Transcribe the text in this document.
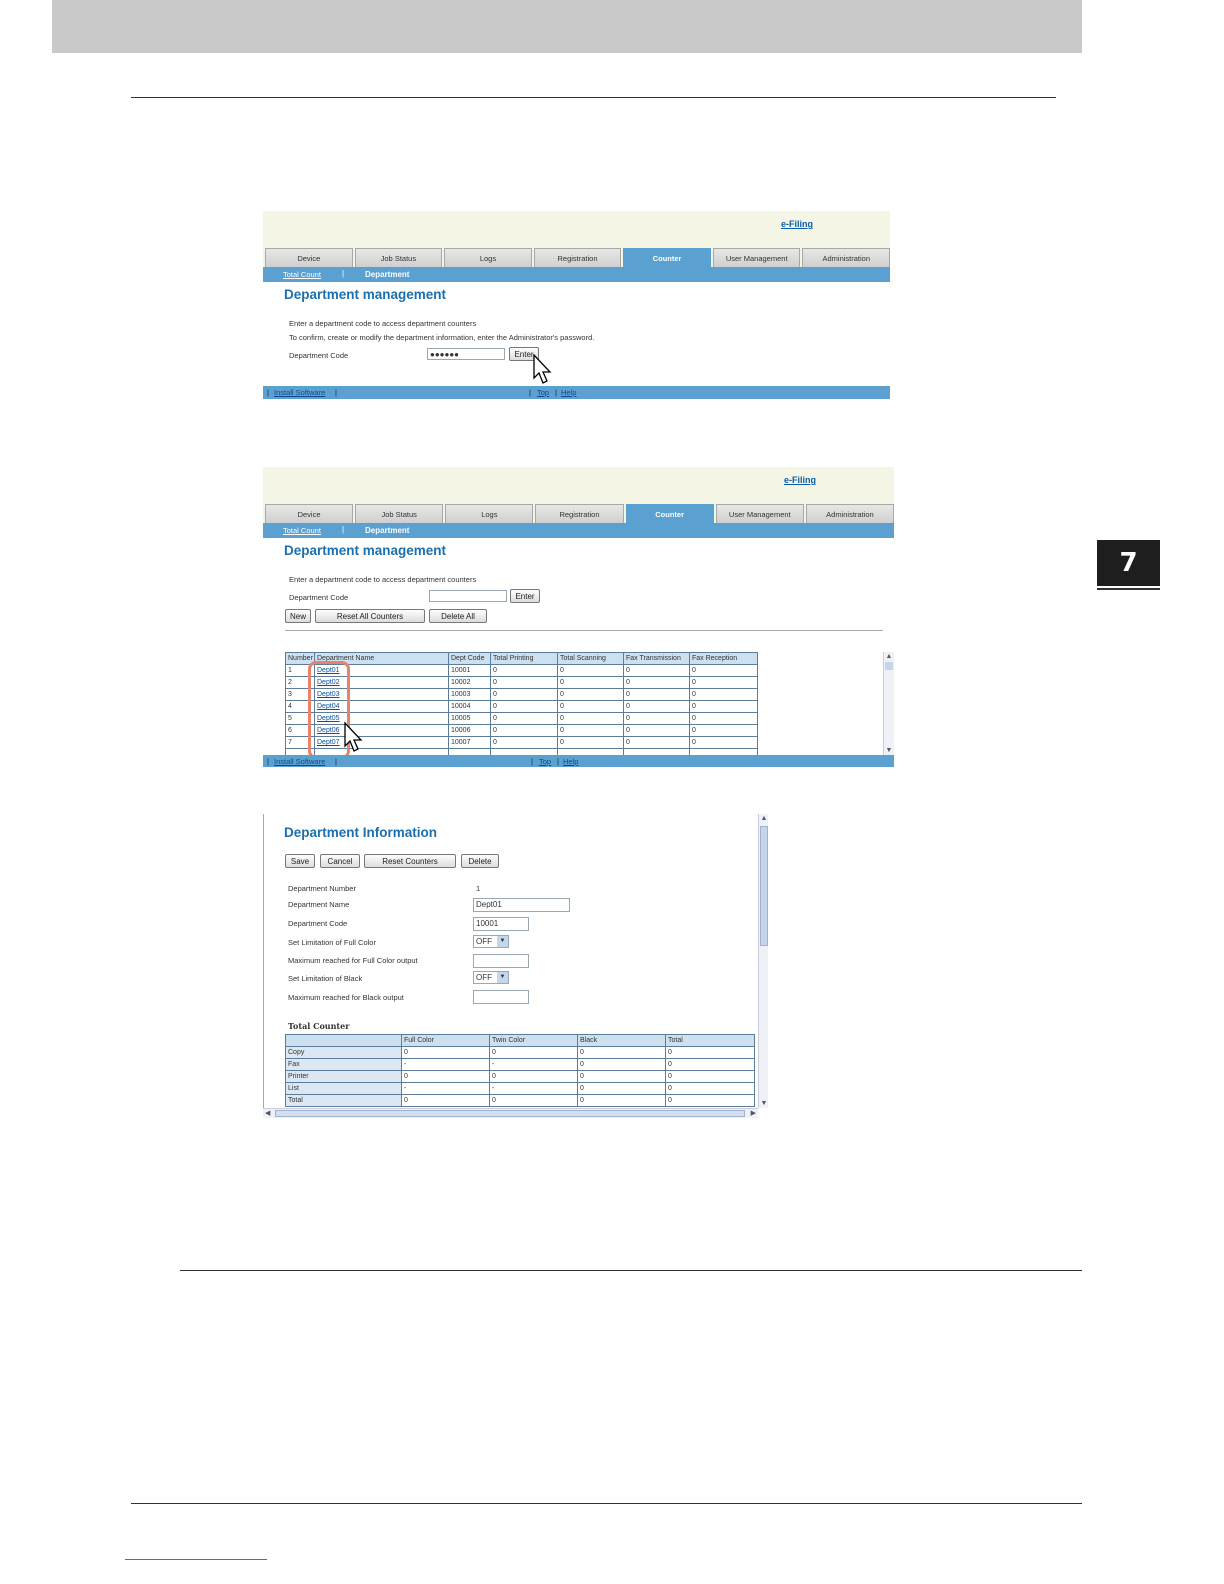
7
e-Filing
Device	Job Status	Logs	Registration	Counter	User Management	Administration
Total Count	|	Department
Department management
Enter a department code to access department counters
To confirm, create or modify the department information, enter the Administrator's password.
Department Code	●●●●●●	Enter
| Install Software |	| Top | Help
e-Filing
Device	Job Status	Logs	Registration	Counter	User Management	Administration
Total Count	|	Department
Department management
Enter a department code to access department counters
Department Code	Enter
New	Reset All Counters	Delete All
Number	Department Name	Dept Code	Total Printing	Total Scanning	Fax Transmission	Fax Reception
1	Dept01	10001	0	0	0	0
2	Dept02	10002	0	0	0	0
3	Dept03	10003	0	0	0	0
4	Dept04	10004	0	0	0	0
5	Dept05	10005	0	0	0	0
6	Dept06	10006	0	0	0	0
7	Dept07	10007	0	0	0	0

▲
▼
| Install Software |	| Top | Help
Department Information
Save	Cancel	Reset Counters	Delete
Department Number	1
Department Name	Dept01
Department Code	10001
Set Limitation of Full Color	OFF	▼
Maximum reached for Full Color output
Set Limitation of Black	OFF	▼
Maximum reached for Black output
Total Counter
	Full Color	Twin Color	Black	Total
Copy	0	0	0	0
Fax	-	-	0	0
Printer	0	0	0	0
List	-	-	0	0
Total	0	0	0	0
▲
▼
◀	▶
